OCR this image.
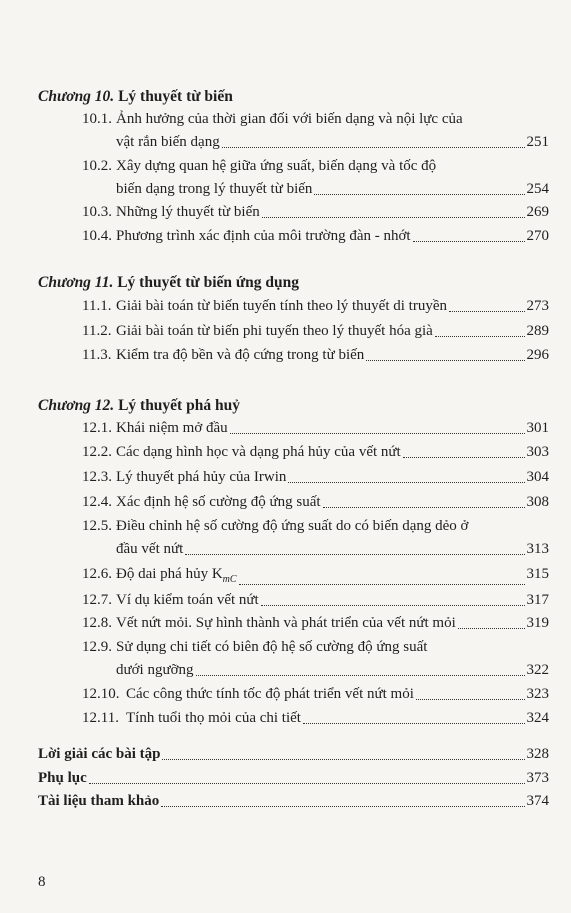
Chương 10. Lý thuyết từ biến
10.1. Ảnh hưởng của thời gian đối với biến dạng và nội lực của
vật rắn biến dạng	251
10.2. Xây dựng quan hệ giữa ứng suất, biến dạng và tốc độ
biến dạng trong lý thuyết từ biến	254
10.3. Những lý thuyết từ biến	269
10.4. Phương trình xác định của môi trường đàn - nhớt	270
Chương 11. Lý thuyết từ biến ứng dụng
11.1. Giải bài toán từ biến tuyến tính theo lý thuyết di truyền	273
11.2. Giải bài toán từ biến phi tuyến theo lý thuyết hóa già	289
11.3. Kiểm tra độ bền và độ cứng trong từ biến	296
Chương 12. Lý thuyết phá huỷ
12.1. Khái niệm mở đầu	301
12.2. Các dạng hình học và dạng phá hủy của vết nứt	303
12.3. Lý thuyết phá hủy của Irwin	304
12.4. Xác định hệ số cường độ ứng suất	308
12.5. Điều chỉnh hệ số cường độ ứng suất do có biến dạng dẻo ở
đầu vết nứt	313
12.6. Độ dai phá hủy $K_{mC}$	315
12.7. Ví dụ kiểm toán vết nứt	317
12.8. Vết nứt mỏi. Sự hình thành và phát triển của vết nứt mỏi	319
12.9. Sử dụng chi tiết có biên độ hệ số cường độ ứng suất
dưới ngưỡng	322
12.10. Các công thức tính tốc độ phát triển vết nứt mỏi	323
12.11. Tính tuổi thọ mỏi của chi tiết	324
Lời giải các bài tập	328
Phụ lục	373
Tài liệu tham khảo	374
8
